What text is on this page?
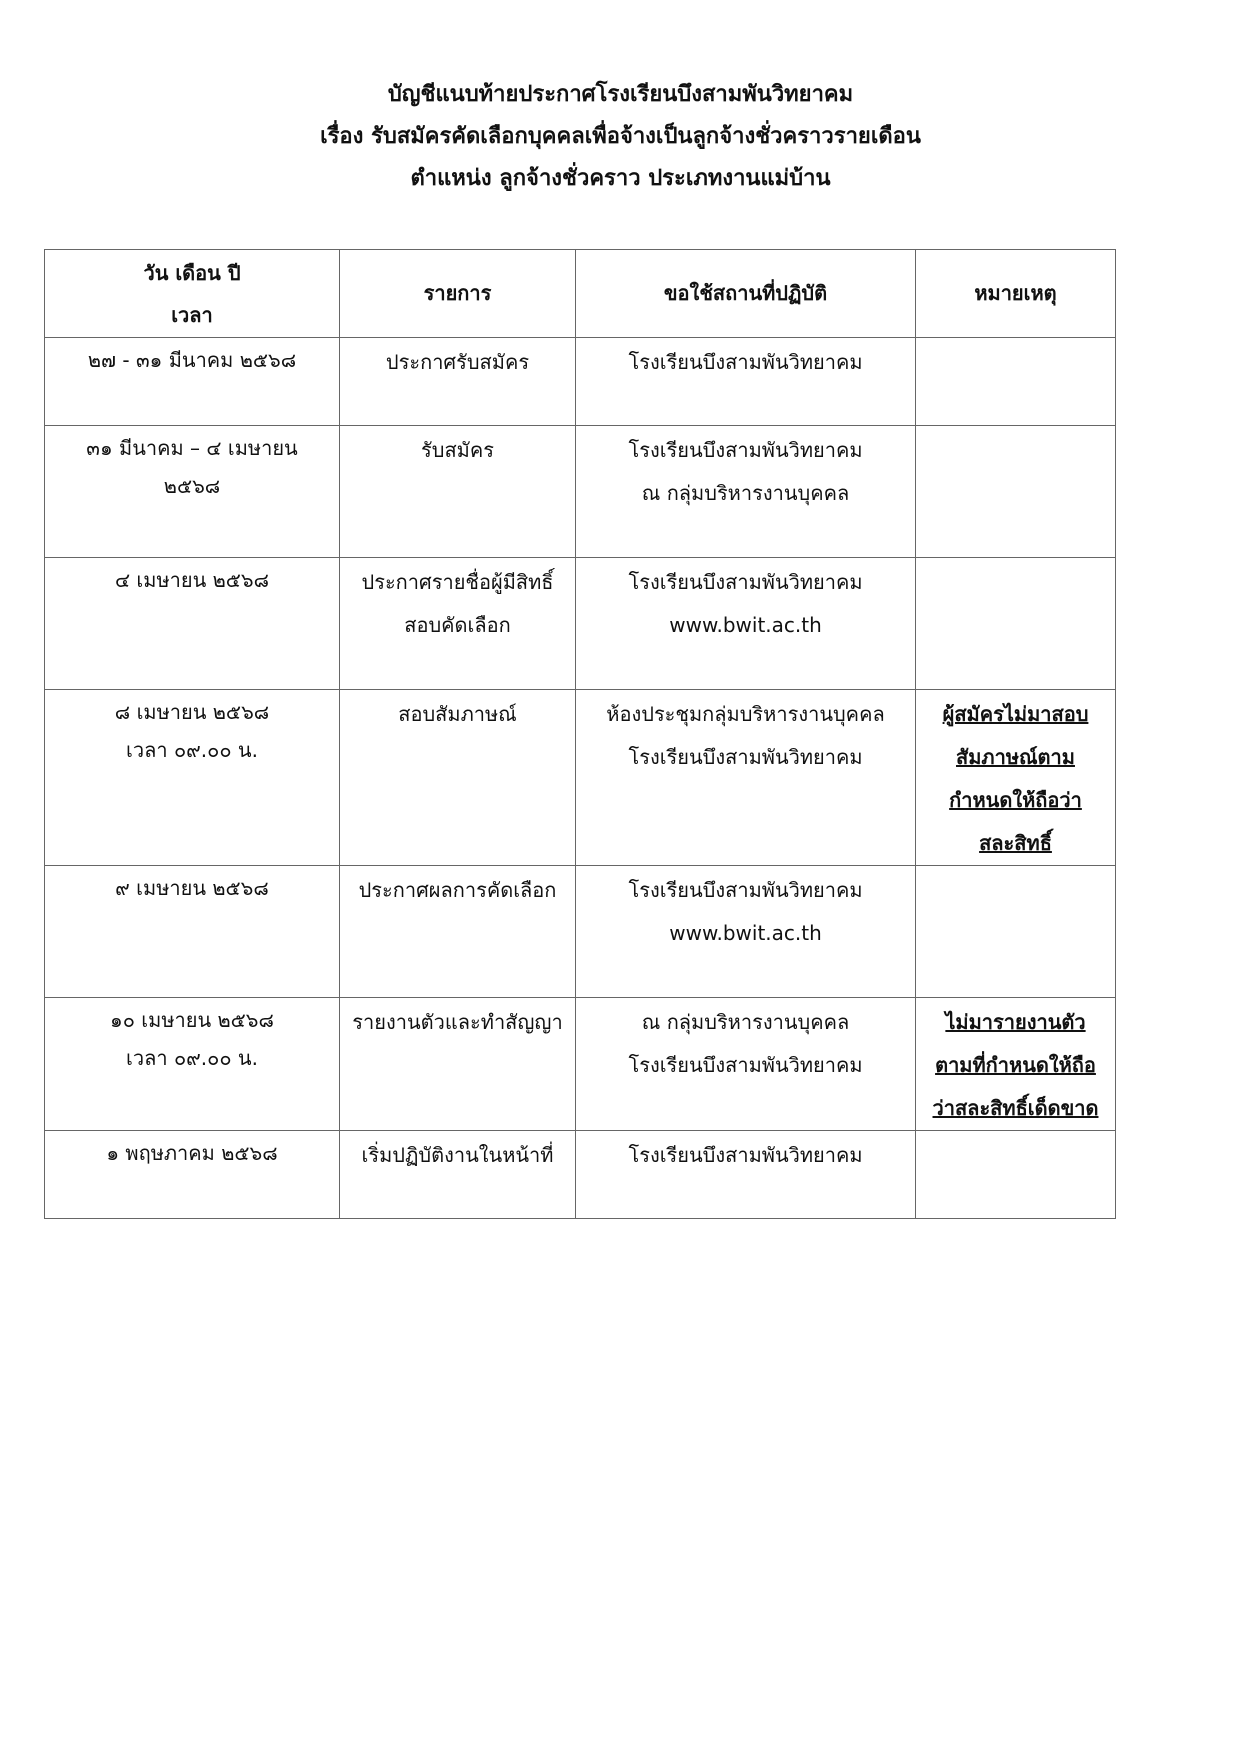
บัญชีแนบท้ายประกาศโรงเรียนบึงสามพันวิทยาคม
เรื่อง รับสมัครคัดเลือกบุคคลเพื่อจ้างเป็นลูกจ้างชั่วคราวรายเดือน
ตำแหน่ง ลูกจ้างชั่วคราว ประเภทงานแม่บ้าน
วัน เดือน ปี
เวลา	รายการ	ขอใช้สถานที่ปฏิบัติ	หมายเหตุ

๒๗ - ๓๑ มีนาคม ๒๕๖๘	ประกาศรับสมัคร	โรงเรียนบึงสามพันวิทยาคม	

๓๑ มีนาคม – ๔ เมษายน
๒๕๖๘	รับสมัคร	โรงเรียนบึงสามพันวิทยาคม
ณ กลุ่มบริหารงานบุคคล	

๔ เมษายน ๒๕๖๘	ประกาศรายชื่อผู้มีสิทธิ์
สอบคัดเลือก	โรงเรียนบึงสามพันวิทยาคม
www.bwit.ac.th	

๘ เมษายน ๒๕๖๘
เวลา ๐๙.๐๐ น.	สอบสัมภาษณ์	ห้องประชุมกลุ่มบริหารงานบุคคล
โรงเรียนบึงสามพันวิทยาคม	ผู้สมัครไม่มาสอบ
สัมภาษณ์ตาม
กำหนดให้ถือว่า
สละสิทธิ์

๙ เมษายน ๒๕๖๘	ประกาศผลการคัดเลือก	โรงเรียนบึงสามพันวิทยาคม
www.bwit.ac.th	

๑๐ เมษายน ๒๕๖๘
เวลา ๐๙.๐๐ น.	รายงานตัวและทำสัญญา	ณ กลุ่มบริหารงานบุคคล
โรงเรียนบึงสามพันวิทยาคม	ไม่มารายงานตัว
ตามที่กำหนดให้ถือ
ว่าสละสิทธิ์เด็ดขาด

๑ พฤษภาคม ๒๕๖๘	เริ่มปฏิบัติงานในหน้าที่	โรงเรียนบึงสามพันวิทยาคม	
